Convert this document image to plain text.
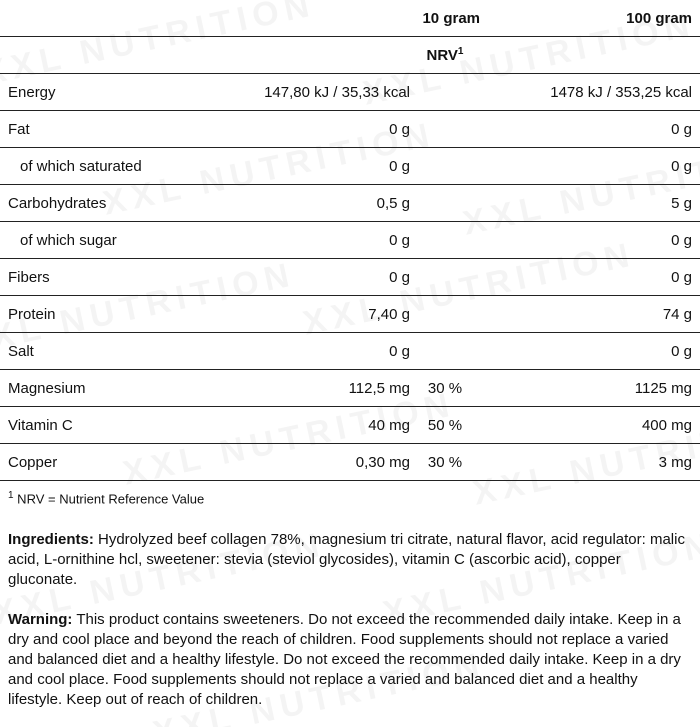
	10 gram		100 gram
		NRV$^1$	
Energy	147,80 kJ / 35,33 kcal		1478 kJ / 353,25 kcal
Fat	0 g		0 g
of which saturated	0 g		0 g
Carbohydrates	0,5 g		5 g
of which sugar	0 g		0 g
Fibers	0 g		0 g
Protein	7,40 g		74 g
Salt	0 g		0 g
Magnesium	112,5 mg	30 %	1125 mg
Vitamin C	40 mg	50 %	400 mg
Copper	0,30 mg	30 %	3 mg
$^1$ NRV = Nutrient Reference Value
Ingredients: Hydrolyzed beef collagen 78%, magnesium tri citrate, natural flavor, acid regulator: malic acid, L-ornithine hcl, sweetener: stevia (steviol glycosides), vitamin C (ascorbic acid), copper gluconate.
Warning: This product contains sweeteners. Do not exceed the recommended daily intake. Keep in a dry and cool place and beyond the reach of children. Food supplements should not replace a varied and balanced diet and a healthy lifestyle. Do not exceed the recommended daily intake. Keep in a dry and cool place. Food supplements should not replace a varied and balanced diet and a healthy lifestyle. Keep out of reach of children.
